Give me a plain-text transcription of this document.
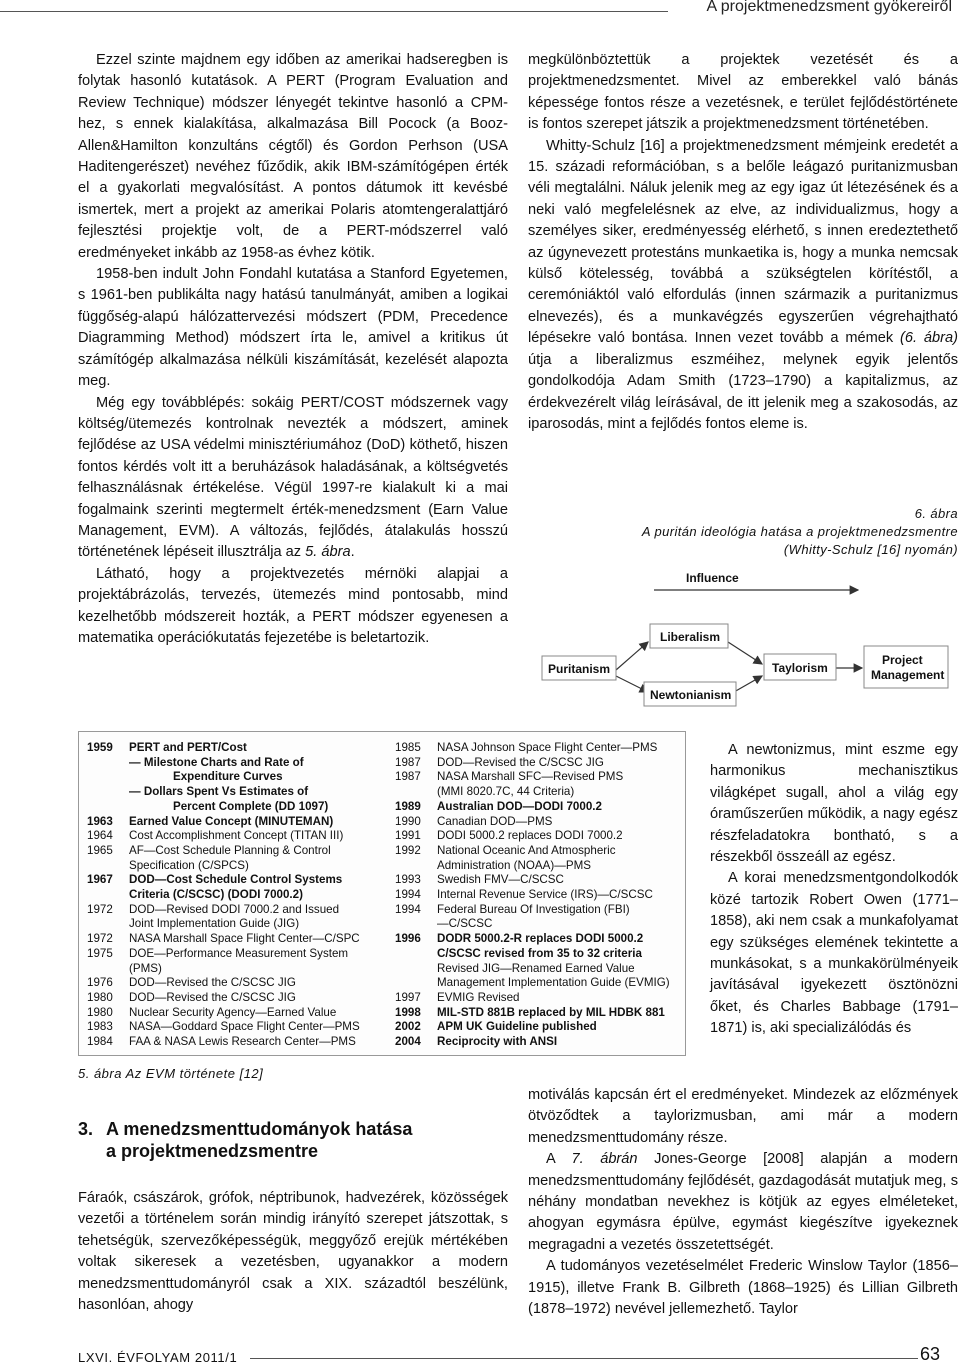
A projektmenedzsment gyökereiről

Ezzel szinte majdnem egy időben az amerikai hadseregben is folytak hasonló kutatások. A PERT (Program Evaluation and Review Technique) módszer lényegét tekintve hasonló a CPM-hez, s ennek kialakítása, alkalmazása Bill Pocock (a Booz-Allen&Hamilton konzultáns cégtől) és Gordon Perhson (USA Haditengerészet) nevéhez fűződik, akik IBM-számítógépen érték el a gyakorlati megvalósítást. A pontos dátumok itt kevésbé ismertek, mert a projekt az amerikai Polaris atomtengeralattjáró fejlesztési projektje volt, de a PERT-módszerrel való eredményeket inkább az 1958-as évhez kötik.

1958-ben indult John Fondahl kutatása a Stanford Egyetemen, s 1961-ben publikálta nagy hatású tanulmányát, amiben a logikai függőség-alapú hálózattervezési módszert (PDM, Precedence Diagramming Method) módszert írta le, amivel a kritikus út számítógép alkalmazása nélküli kiszámítását, kezelését alapozta meg.

Még egy továbblépés: sokáig PERT/COST módszernek vagy költség/ütemezés kontrolnak nevezték a módszert, aminek fejlődése az USA védelmi minisztériumához (DoD) köthető, hiszen fontos kérdés volt itt a beruházások haladásának, a költségvetés felhasználásnak értékelése. Végül 1997-re kialakult ki a mai fogalmaink szerinti megtermelt érték-menedzsment (Earn Value Management, EVM). A változás, fejlődés, átalakulás hosszú történetének lépéseit illusztrálja az 5. ábra.

Látható, hogy a projektvezetés mérnöki alapjai a projektábrázolás, tervezés, ütemezés mind pontosabb, mind kezelhetőbb módszereit hozták, a PERT módszer egyenesen a matematika operációkutatás fejezetébe is beletartozik.

megkülönböztettük a projektek vezetését és a projektmenedzsmentet. Mivel az emberekkel való bánás képessége fontos része a vezetésnek, e terület fejlődéstörténete is fontos szerepet játszik a projektmenedzsment történetében.

Whitty-Schulz [16] a projektmenedzsment mémjeink eredetét a 15. századi reformációban, s a belőle leágazó puritanizmusban véli megtalálni. Náluk jelenik meg az egy igaz út létezésének és a neki való megfelelésnek az elve, az individualizmus, hogy a személyes siker, eredményesség elérhető, s innen eredeztethető az úgynevezett protestáns munkaetika is, hogy a munka nemcsak külső kötelesség, továbbá a szükségtelen körítéstől, a ceremóniáktól való elfordulás (innen származik a puritanizmus elnevezés), és a munkavégzés egyszerűen végrehajtható lépésekre való bontása. Innen vezet tovább a mémek (6. ábra) útja a liberalizmus eszméihez, melynek egyik jelentős gondolkodója Adam Smith (1723–1790) a kapitalizmus, az érdekvezérelt világ leírásával, de itt jelenik meg a szakosodás, az iparosodás, mint a fejlődés fontos eleme is.

6. ábra
A puritán ideológia hatása a projektmenedzsmentre
(Whitty-Schulz [16] nyomán)
Influence
Liberalism
Puritanism	Taylorism
Project
Management
Newtonianism
1959	PERT and PERT/Cost
— Milestone Charts and Rate of
Expenditure Curves
— Dollars Spent Vs Estimates of
Percent Complete (DD 1097)
1963	Earned Value Concept (MINUTEMAN)
1964	Cost Accomplishment Concept (TITAN III)
1965	AF—Cost Schedule Planning & Control
Specification (C/SPCS)
1967	DOD—Cost Schedule Control Systems
Criteria (C/SCSC) (DODI 7000.2)
1972	DOD—Revised DODI 7000.2 and Issued
Joint Implementation Guide (JIG)
1972	NASA Marshall Space Flight Center—C/SPC
1975	DOE—Performance Measurement System
(PMS)
1976	DOD—Revised the C/SCSC JIG
1980	DOD—Revised the C/SCSC JIG
1980	Nuclear Security Agency—Earned Value
1983	NASA—Goddard Space Flight Center—PMS
1984	FAA & NASA Lewis Research Center—PMS
1985	NASA Johnson Space Flight Center—PMS
1987	DOD—Revised the C/SCSC JIG
1987	NASA Marshall SFC—Revised PMS
(MMI 8020.7C, 44 Criteria)
1989	Australian DOD—DODI 7000.2
1990	Canadian DOD—PMS
1991	DODI 5000.2 replaces DODI 7000.2
1992	National Oceanic And Atmospheric
Administration (NOAA)—PMS
1993	Swedish FMV—C/SCSC
1994	Internal Revenue Service (IRS)—C/SCSC
1994	Federal Bureau Of Investigation (FBI)
—C/SCSC
1996	DODR 5000.2-R replaces DODI 5000.2
C/SCSC revised from 35 to 32 criteria
Revised JIG—Renamed Earned Value
Management Implementation Guide (EVMIG)
1997	EVMIG Revised
1998	MIL-STD 881B replaced by MIL HDBK 881
2002	APM UK Guideline published
2004	Reciprocity with ANSI
5. ábra Az EVM története [12]
3. A menedzsmenttudományok hatása
a projektmenedzsmentre

Fáraók, császárok, grófok, néptribunok, hadvezérek, közösségek vezetői a történelem során mindig irányító szerepet játszottak, s tehetségük, szervezőképességük, meggyőző erejük mértékében voltak sikeresek a vezetésben, ugyanakkor a modern menedzsmenttudományról csak a XIX. századtól beszélünk, hasonlóan, ahogy

A newtonizmus, mint eszme egy harmonikus mechanisztikus világképet sugall, ahol a világ egy óraműszerűen működik, a nagy egész részfeladatokra bontható, s a részekből összeáll az egész.

A korai menedzsmentgondolkodók közé tartozik Robert Owen (1771–1858), aki nem csak a munkafolyamat egy szükséges elemének tekintette a munkásokat, s a munkakörülményeik javításával igyekezett ösztönözni őket, és Charles Babbage (1791–1871) is, aki specializálódás és

motiválás kapcsán ért el eredményeket. Mindezek az előzmények ötvöződtek a taylorizmusban, ami már a modern menedzsmenttudomány része.

A 7. ábrán Jones-George [2008] alapján a modern menedzsmenttudomány fejlődését, gazdagodását mutatjuk meg, s néhány mondatban nevekhez is kötjük az egyes elméleteket, ahogyan egymásra épülve, egymást kiegészítve igyekeznek megragadni a vezetés összetettségét.

A tudományos vezetéselmélet Frederic Winslow Taylor (1856–1915), illetve Frank B. Gilbreth (1868–1925) és Lillian Gilbreth (1878–1972) nevével jellemezhető. Taylor

LXVI. ÉVFOLYAM 2011/1	63
